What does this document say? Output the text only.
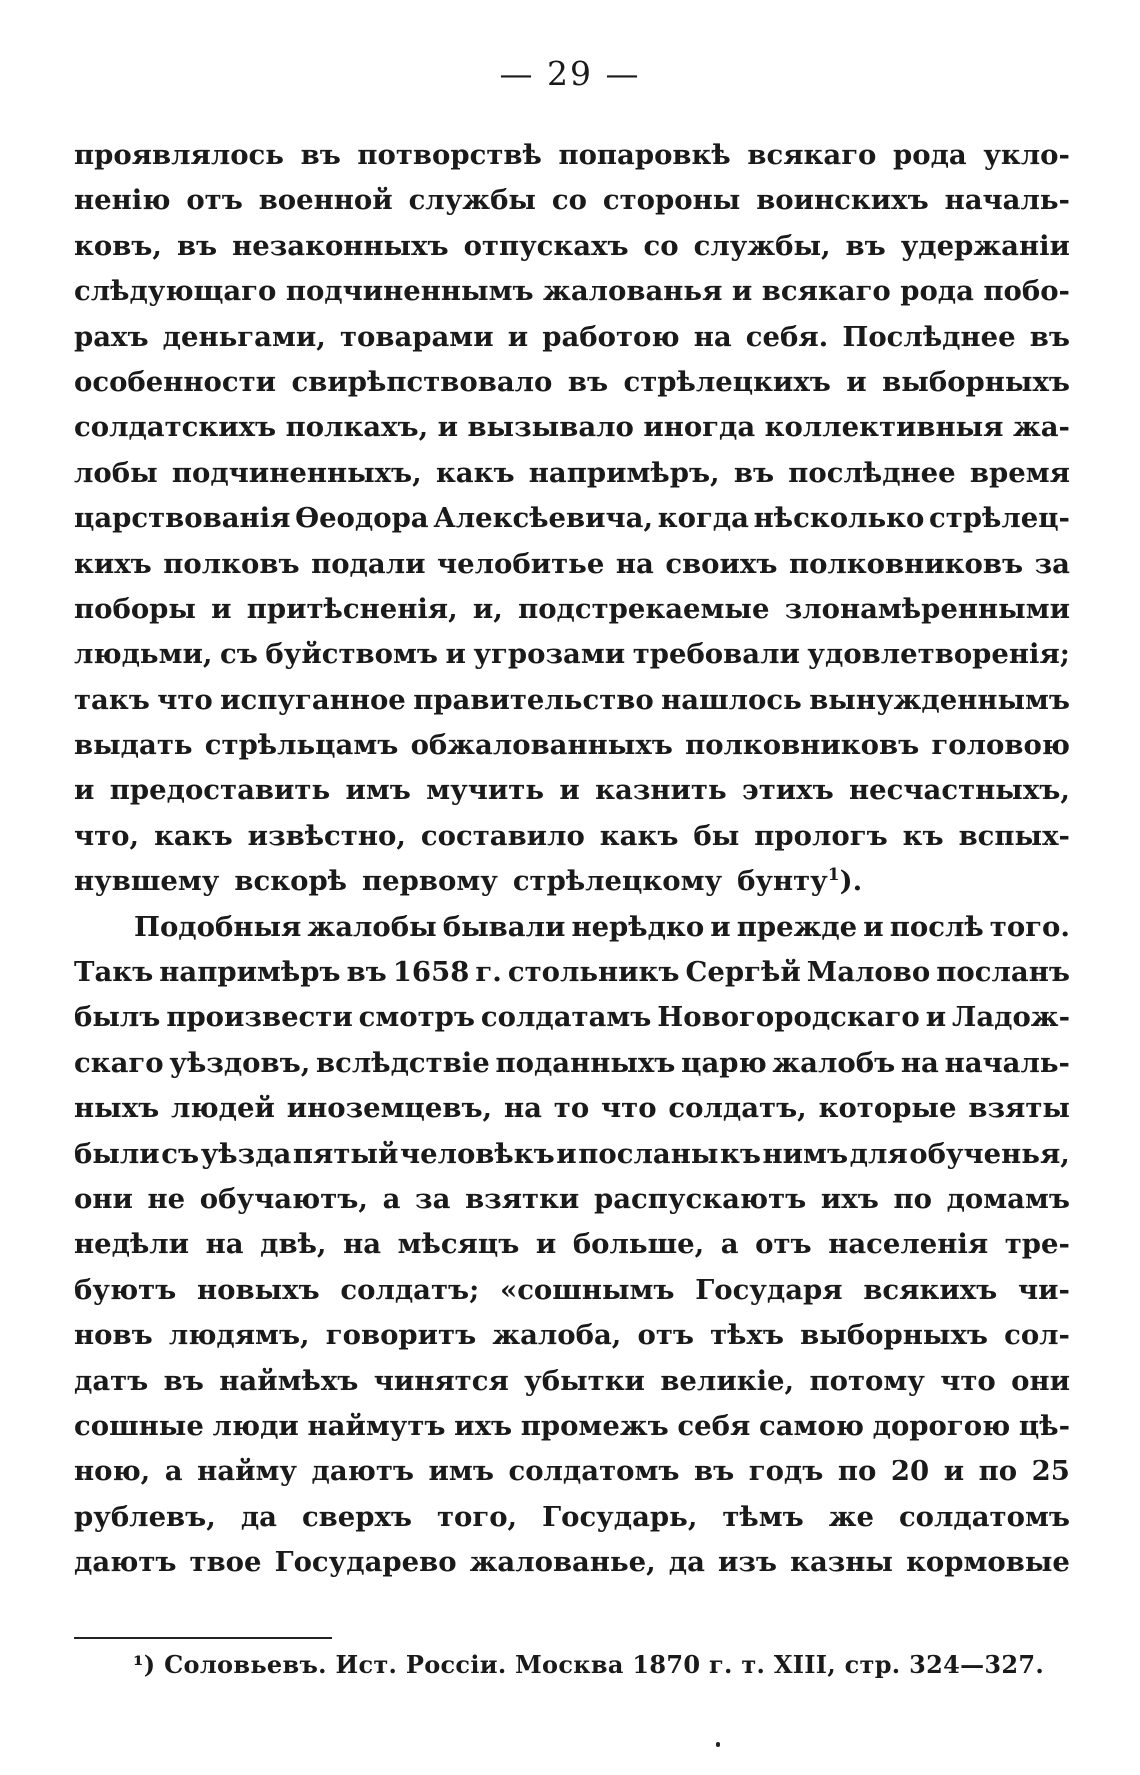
— 29 —
проявлялось въ потворствѣ попаровкѣ всякаго рода укло-
ненію отъ военной службы со стороны воинскихъ началь-
ковъ, въ незаконныхъ отпускахъ со службы, въ удержаніи
слѣдующаго подчиненнымъ жалованья и всякаго рода побо-
рахъ деньгами, товарами и работою на себя. Послѣднее въ
особенности свирѣпствовало въ стрѣлецкихъ и выборныхъ
солдатскихъ полкахъ, и вызывало иногда коллективныя жа-
лобы подчиненныхъ, какъ напримѣръ, въ послѣднее время
царствованія Ѳеодора Алексѣевича, когда нѣсколько стрѣлец-
кихъ полковъ подали челобитье на своихъ полковниковъ за
поборы и притѣсненія, и, подстрекаемые злонамѣренными
людьми, съ буйствомъ и угрозами требовали удовлетворенія;
такъ что испуганное правительство нашлось вынужденнымъ
выдать стрѣльцамъ обжалованныхъ полковниковъ головою
и предоставить имъ мучить и казнить этихъ несчастныхъ,
что, какъ извѣстно, составило какъ бы прологъ къ вспых-
нувшему вскорѣ первому стрѣлецкому бунту$^1$).
Подобныя жалобы бывали нерѣдко и прежде и послѣ того.
Такъ напримѣръ въ 1658 г. стольникъ Сергѣй Малово посланъ
былъ произвести смотръ солдатамъ Новогородскаго и Ладож-
скаго уѣздовъ, вслѣдствіе поданныхъ царю жалобъ на началь-
ныхъ людей иноземцевъ, на то что солдатъ, которые взяты
были съ уѣзда пятый человѣкъ и посланы къ нимъ для обученья,
они не обучаютъ, а за взятки распускаютъ ихъ по домамъ
недѣли на двѣ, на мѣсяцъ и больше, а отъ населенія тре-
буютъ новыхъ солдатъ; «сошнымъ Государя всякихъ чи-
новъ людямъ, говоритъ жалоба, отъ тѣхъ выборныхъ сол-
датъ въ наймѣхъ чинятся убытки великіе, потому что они
сошные люди наймутъ ихъ промежъ себя самою дорогою цѣ-
ною, а найму даютъ имъ солдатомъ въ годъ по 20 и по 25
рублевъ, да сверхъ того, Государь, тѣмъ же солдатомъ
даютъ твое Государево жалованье, да изъ казны кормовые
¹) Соловьевъ. Ист. Россіи. Москва 1870 г. т. XIII, стр. 324—327.
